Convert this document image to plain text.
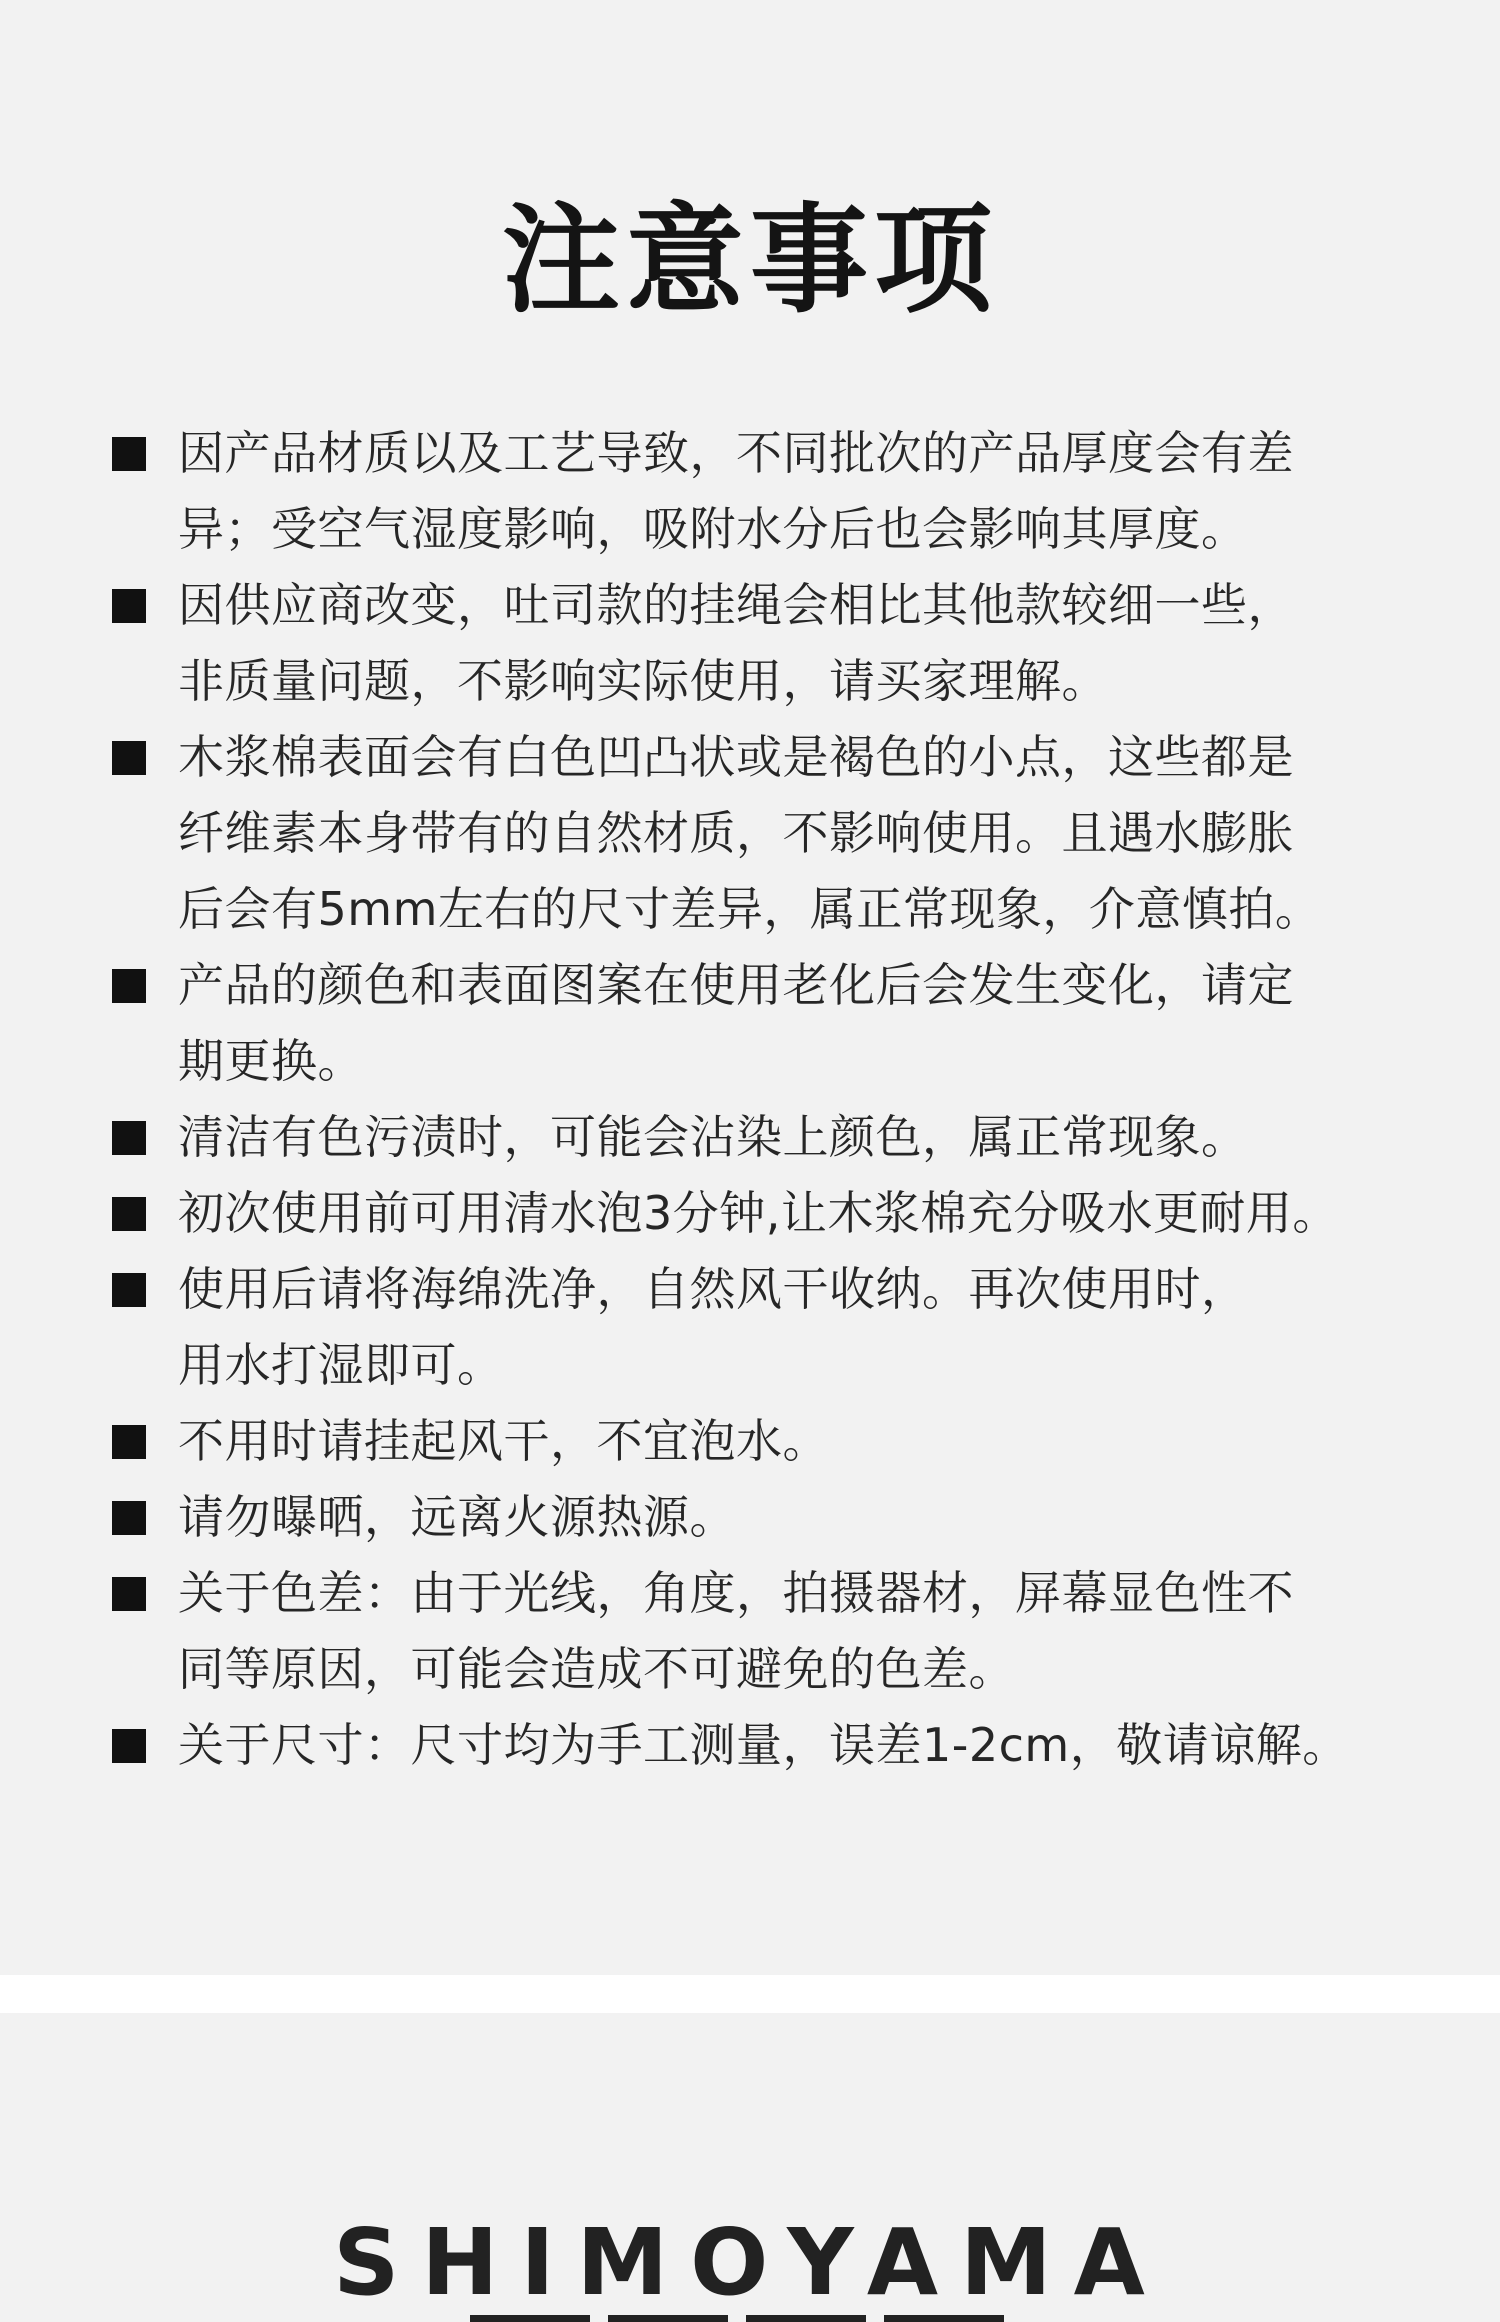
注意事项
因产品材质以及工艺导致，不同批次的产品厚度会有差
异；受空气湿度影响，吸附水分后也会影响其厚度。
因供应商改变，吐司款的挂绳会相比其他款较细一些，
非质量问题，不影响实际使用，请买家理解。
木浆棉表面会有白色凹凸状或是褐色的小点，这些都是
纤维素本身带有的自然材质，不影响使用。且遇水膨胀
后会有5mm左右的尺寸差异，属正常现象，介意慎拍。
产品的颜色和表面图案在使用老化后会发生变化，请定
期更换。
清洁有色污渍时，可能会沾染上颜色，属正常现象。
初次使用前可用清水泡3分钟,让木浆棉充分吸水更耐用。
使用后请将海绵洗净，自然风干收纳。再次使用时，
用水打湿即可。
不用时请挂起风干，不宜泡水。
请勿曝晒，远离火源热源。
关于色差：由于光线，角度，拍摄器材，屏幕显色性不
同等原因，可能会造成不可避免的色差。
关于尺寸：尺寸均为手工测量，误差1-2cm，敬请谅解。
SHIMOYAMA
